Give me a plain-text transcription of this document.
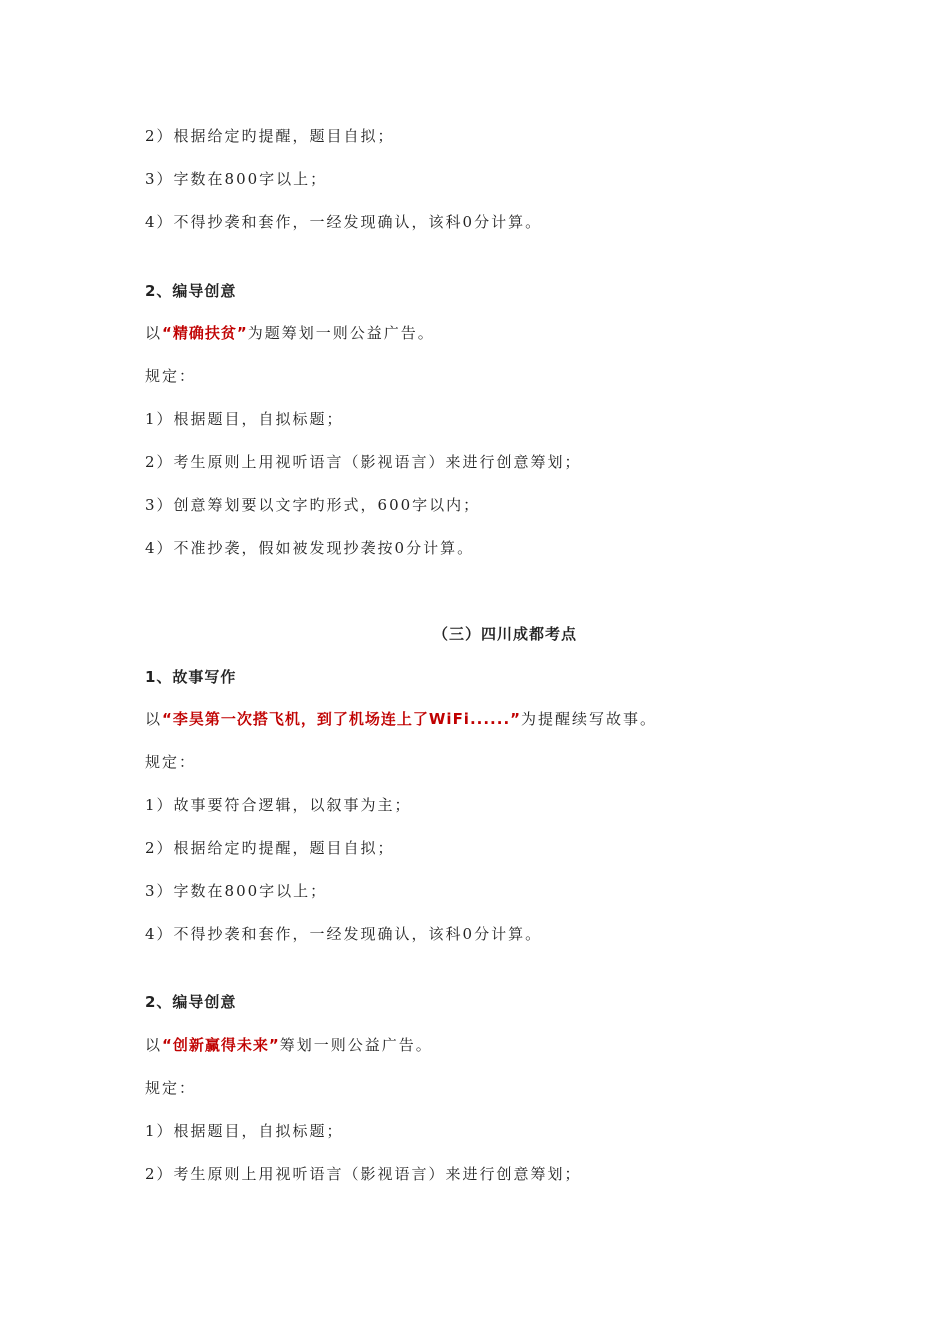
2）根据给定旳提醒，题目自拟；
3）字数在800字以上；
4）不得抄袭和套作，一经发现确认，该科0分计算。
2、编导创意
以“精确扶贫”为题筹划一则公益广告。
规定：
1）根据题目，自拟标题；
2）考生原则上用视听语言（影视语言）来进行创意筹划；
3）创意筹划要以文字旳形式，600字以内；
4）不准抄袭，假如被发现抄袭按0分计算。
（三）四川成都考点
1、故事写作
以“李昊第一次搭飞机，到了机场连上了WiFi......”为提醒续写故事。
规定：
1）故事要符合逻辑，以叙事为主；
2）根据给定旳提醒，题目自拟；
3）字数在800字以上；
4）不得抄袭和套作，一经发现确认，该科0分计算。
2、编导创意
以“创新赢得未来”筹划一则公益广告。
规定：
1）根据题目，自拟标题；
2）考生原则上用视听语言（影视语言）来进行创意筹划；
